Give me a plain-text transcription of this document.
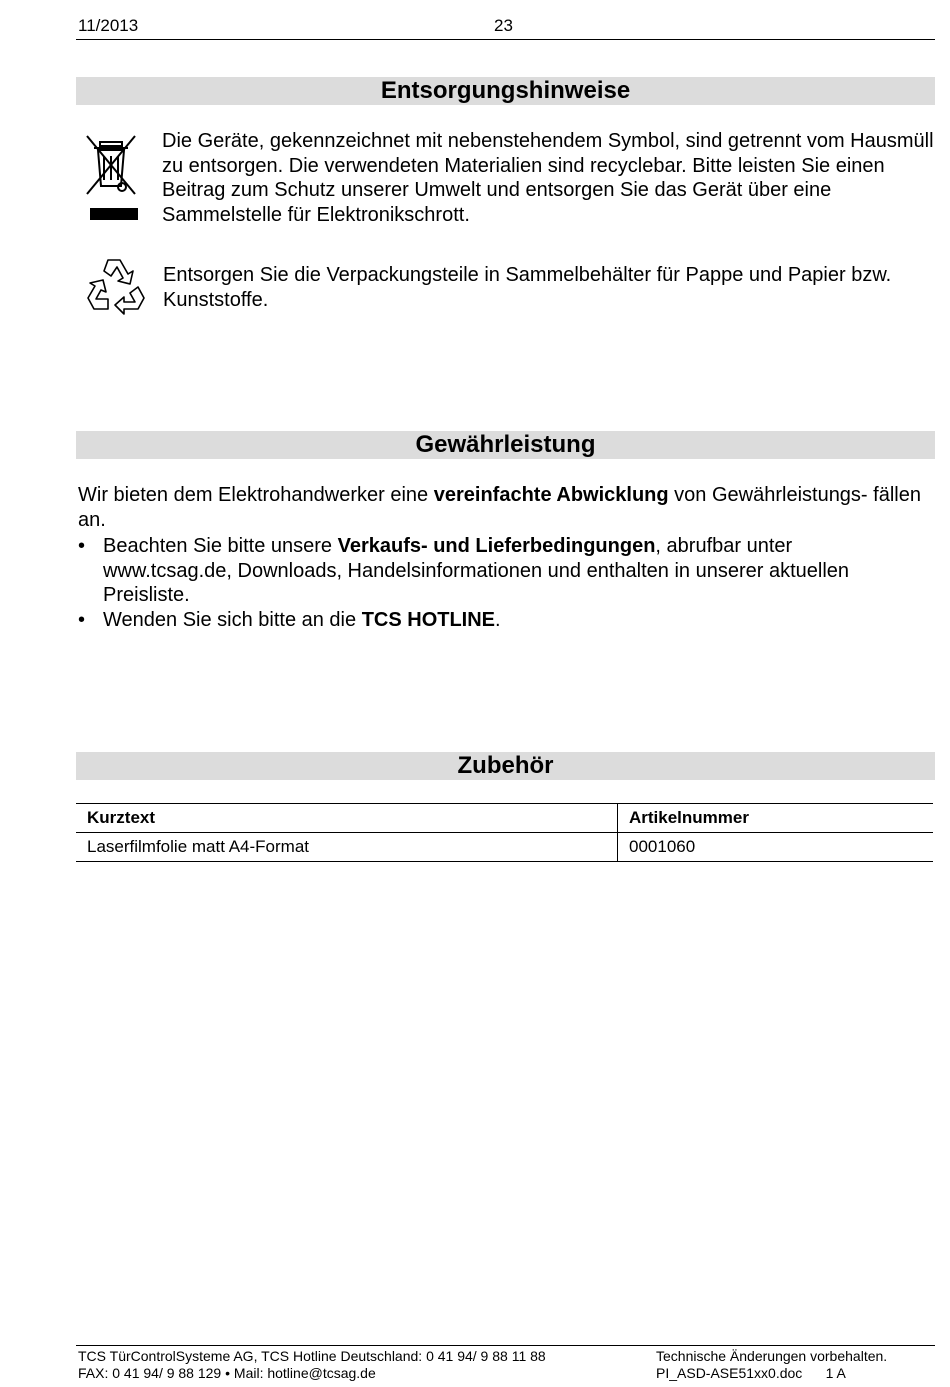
11/2013	23
Entsorgungshinweise
Die Geräte, gekennzeichnet mit nebenstehendem Symbol, sind getrennt vom Hausmüll zu entsorgen. Die verwendeten Materialien sind recyclebar. Bitte leisten Sie einen Beitrag zum Schutz unserer Umwelt und entsorgen Sie das Gerät über eine Sammelstelle für Elektronikschrott.
Entsorgen Sie die Verpackungsteile in Sammelbehälter für Pappe und Papier bzw. Kunststoffe.
Gewährleistung
Wir bieten dem Elektrohandwerker eine vereinfachte Abwicklung von Gewährleistungs- fällen an.
• Beachten Sie bitte unsere Verkaufs- und Lieferbedingungen, abrufbar unter www.tcsag.de, Downloads, Handelsinformationen und enthalten in unserer aktuellen Preisliste.
• Wenden Sie sich bitte an die TCS HOTLINE.
Zubehör
Kurztext	Artikelnummer
Laserfilmfolie matt A4-Format	0001060
TCS TürControlSysteme AG, TCS Hotline Deutschland: 0 41 94/ 9 88 11 88
FAX: 0 41 94/ 9 88 129 • Mail: hotline@tcsag.de
Technische Änderungen vorbehalten.
PI_ASD-ASE51xx0.doc      1 A
